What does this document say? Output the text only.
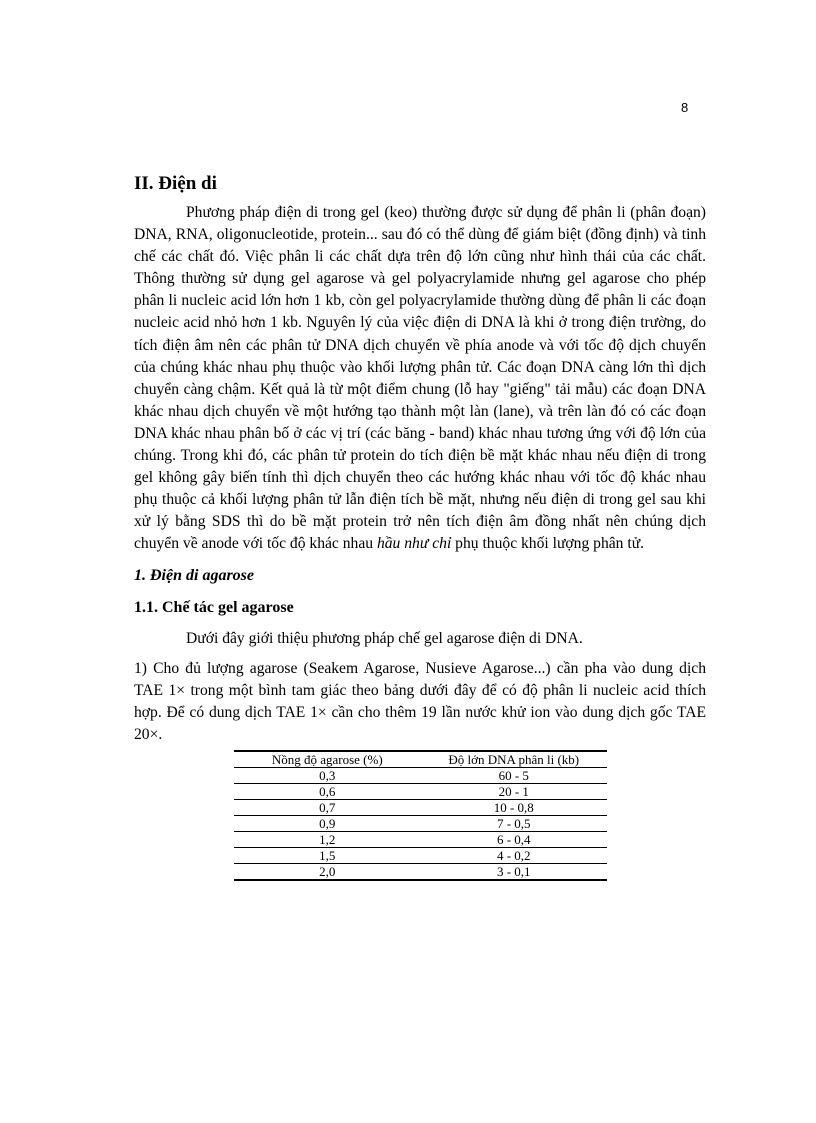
8
II. Điện di

Phương pháp điện di trong gel (keo) thường được sử dụng để phân li (phân đoạn) DNA, RNA, oligonucleotide, protein... sau đó có thể dùng để giám biệt (đồng định) và tinh chế các chất đó. Việc phân li các chất dựa trên độ lớn cũng như hình thái của các chất. Thông thường sử dụng gel agarose và gel polyacrylamide nhưng gel agarose cho phép phân li nucleic acid lớn hơn 1 kb, còn gel polyacrylamide thường dùng để phân li các đoạn nucleic acid nhỏ hơn 1 kb. Nguyên lý của việc điện di DNA là khi ở trong điện trường, do tích điện âm nên các phân tử DNA dịch chuyển về phía anode và với tốc độ dịch chuyển của chúng khác nhau phụ thuộc vào khối lượng phân tử. Các đoạn DNA càng lớn thì dịch chuyển càng chậm. Kết quả là từ một điểm chung (lỗ hay "giếng" tải mẫu) các đoạn DNA khác nhau dịch chuyển về một hướng tạo thành một làn (lane), và trên làn đó có các đoạn DNA khác nhau phân bố ở các vị trí (các băng - band) khác nhau tương ứng với độ lớn của chúng. Trong khi đó, các phân tử protein do tích điện bề mặt khác nhau nếu điện di trong gel không gây biến tính thì dịch chuyển theo các hướng khác nhau với tốc độ khác nhau phụ thuộc cả khối lượng phân tử lẫn điện tích bề mặt, nhưng nếu điện di trong gel sau khi xử lý bằng SDS thì do bề mặt protein trở nên tích điện âm đồng nhất nên chúng dịch chuyển về anode với tốc độ khác nhau hầu như chỉ phụ thuộc khối lượng phân tử.

1. Điện di agarose
1.1. Chế tác gel agarose

Dưới đây giới thiệu phương pháp chế gel agarose điện di DNA.

1) Cho đủ lượng agarose (Seakem Agarose, Nusieve Agarose...) cần pha vào dung dịch TAE 1× trong một bình tam giác theo bảng dưới đây để có độ phân li nucleic acid thích hợp. Để có dung dịch TAE 1× cần cho thêm 19 lần nước khử ion vào dung dịch gốc TAE 20×.

Nồng độ agarose (%)	Độ lớn DNA phân li (kb)
0,3	60 - 5
0,6	20 - 1
0,7	10 - 0,8
0,9	7 - 0,5
1,2	6 - 0,4
1,5	4 - 0,2
2,0	3 - 0,1
